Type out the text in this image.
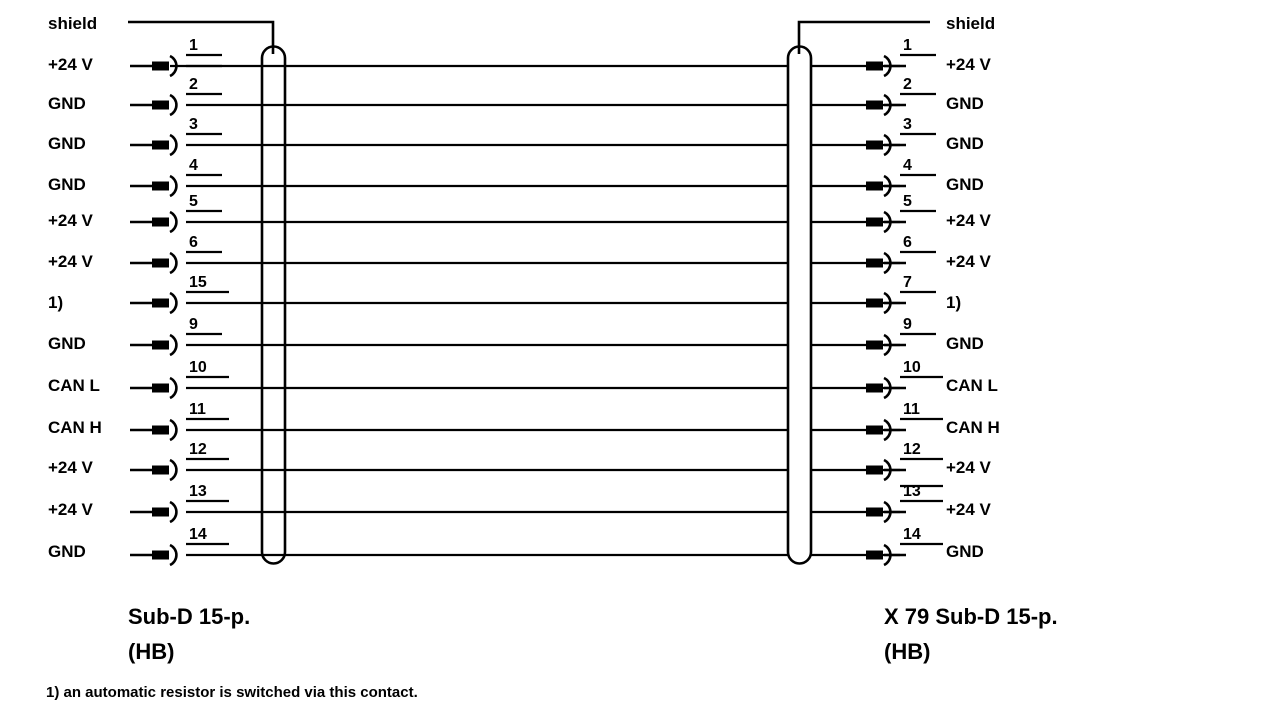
shield	shield
+24 V
GND
GND
GND
+24 V
+24 V
1)
GND
CAN L
CAN H
+24 V
+24 V
GND
1
2
3
4
5
6
15
9
10
11
12
13
14
1
2
3
4
5
6
7
9
10
11
12
13
14
+24 V
GND
GND
GND
+24 V
+24 V
1)
GND
CAN L
CAN H
+24 V
+24 V
GND
Sub-D 15-p.
(HB)
X 79 Sub-D 15-p.
(HB)
1) an automatic resistor is switched via this contact.
